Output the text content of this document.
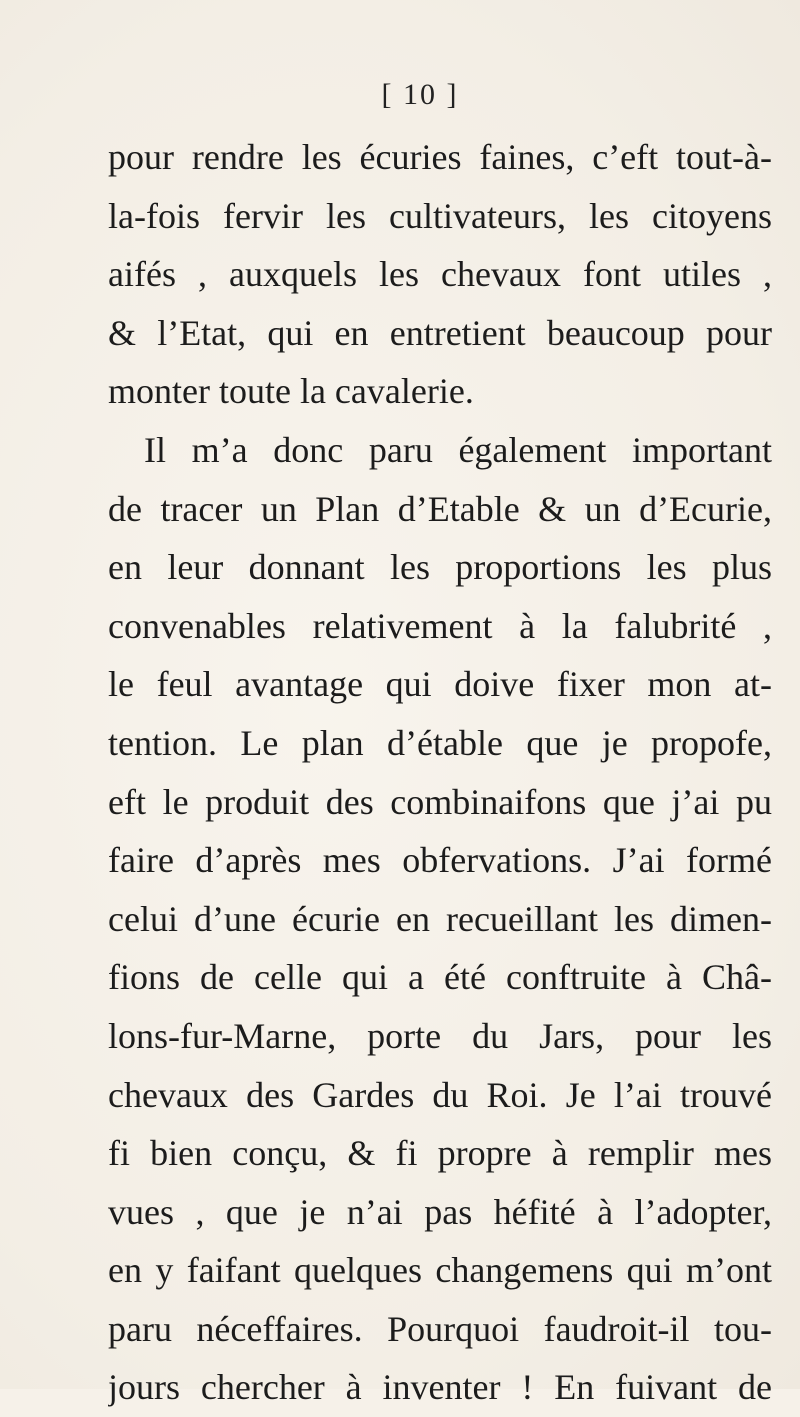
[ 10 ]
pour rendre les écuries faines, c’eft tout-à-
la-fois fervir les cultivateurs, les citoyens
aifés , auxquels les chevaux font utiles ,
& l’Etat, qui en entretient beaucoup pour
monter toute la cavalerie.
Il m’a donc paru également important
de tracer un Plan d’Etable & un d’Ecurie,
en leur donnant les proportions les plus
convenables relativement à la falubrité ,
le feul avantage qui doive fixer mon at-
tention. Le plan d’étable que je propofe,
eft le produit des combinaifons que j’ai pu
faire d’après mes obfervations. J’ai formé
celui d’une écurie en recueillant les dimen-
fions de celle qui a été conftruite à Châ-
lons-fur-Marne, porte du Jars, pour les
chevaux des Gardes du Roi. Je l’ai trouvé
fi bien conçu, & fi propre à remplir mes
vues , que je n’ai pas héfité à l’adopter,
en y faifant quelques changemens qui m’ont
paru néceffaires. Pourquoi faudroit-il tou-
jours chercher à inventer ! En fuivant de
